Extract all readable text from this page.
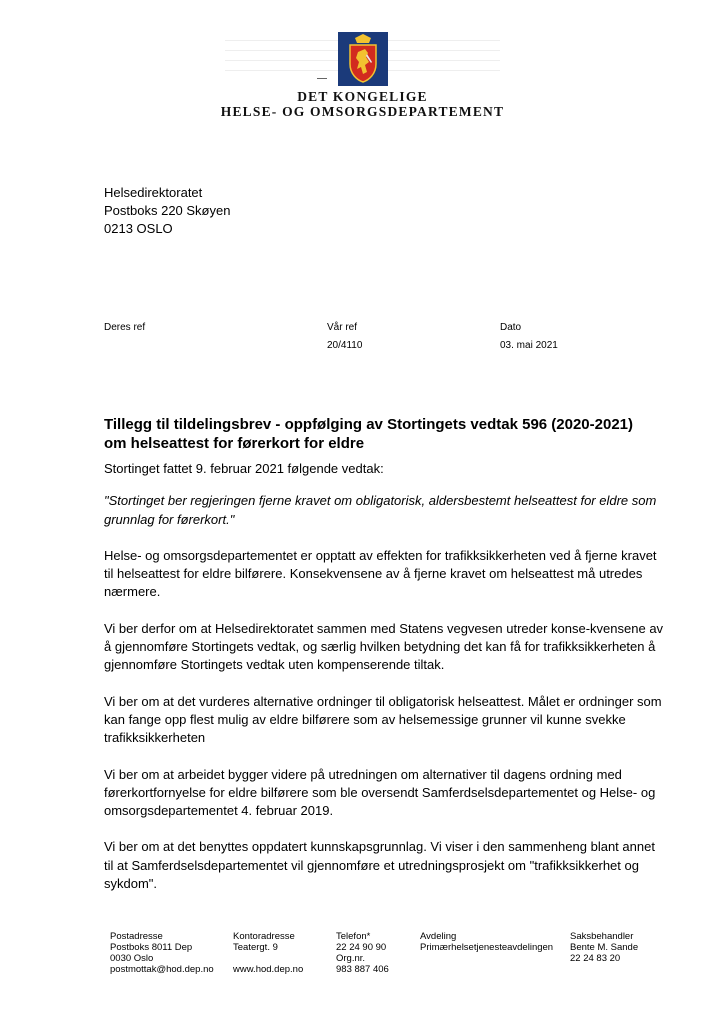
DET KONGELIGE
HELSE- OG OMSORGSDEPARTEMENT
Helsedirektoratet
Postboks 220 Skøyen
0213 OSLO
Deres ref	Vår ref
20/4110
Dato
03. mai 2021
Tillegg til tildelingsbrev - oppfølging av Stortingets vedtak 596 (2020-2021) om helseattest for førerkort for eldre

Stortinget fattet 9. februar 2021 følgende vedtak:

"Stortinget ber regjeringen fjerne kravet om obligatorisk, aldersbestemt helseattest for eldre som grunnlag for førerkort."

Helse- og omsorgsdepartementet er opptatt av effekten for trafikksikkerheten ved å fjerne kravet til helseattest for eldre bilførere. Konsekvensene av å fjerne kravet om helseattest må utredes nærmere.

Vi ber derfor om at Helsedirektoratet sammen med Statens vegvesen utreder konse-kvensene av å gjennomføre Stortingets vedtak, og særlig hvilken betydning det kan få for trafikksikkerheten å gjennomføre Stortingets vedtak uten kompenserende tiltak.

Vi ber om at det vurderes alternative ordninger til obligatorisk helseattest. Målet er ordninger som kan fange opp flest mulig av eldre bilførere som av helsemessige grunner vil kunne svekke trafikksikkerheten

Vi ber om at arbeidet bygger videre på utredningen om alternativer til dagens ordning med førerkortfornyelse for eldre bilførere som ble oversendt Samferdselsdepartementet og Helse- og omsorgsdepartementet 4. februar 2019.

Vi ber om at det benyttes oppdatert kunnskapsgrunnlag. Vi viser i den sammenheng blant annet til at Samferdselsdepartementet vil gjennomføre et utredningsprosjekt om "trafikksikkerhet og sykdom".

Postadresse
Postboks 8011 Dep
0030 Oslo
postmottak@hod.dep.no
Kontoradresse
Teatergt. 9

www.hod.dep.no
Telefon*
22 24 90 90
Org.nr.
983 887 406
Avdeling
Primærhelsetjenesteavdelingen
Saksbehandler
Bente M. Sande
22 24 83 20
